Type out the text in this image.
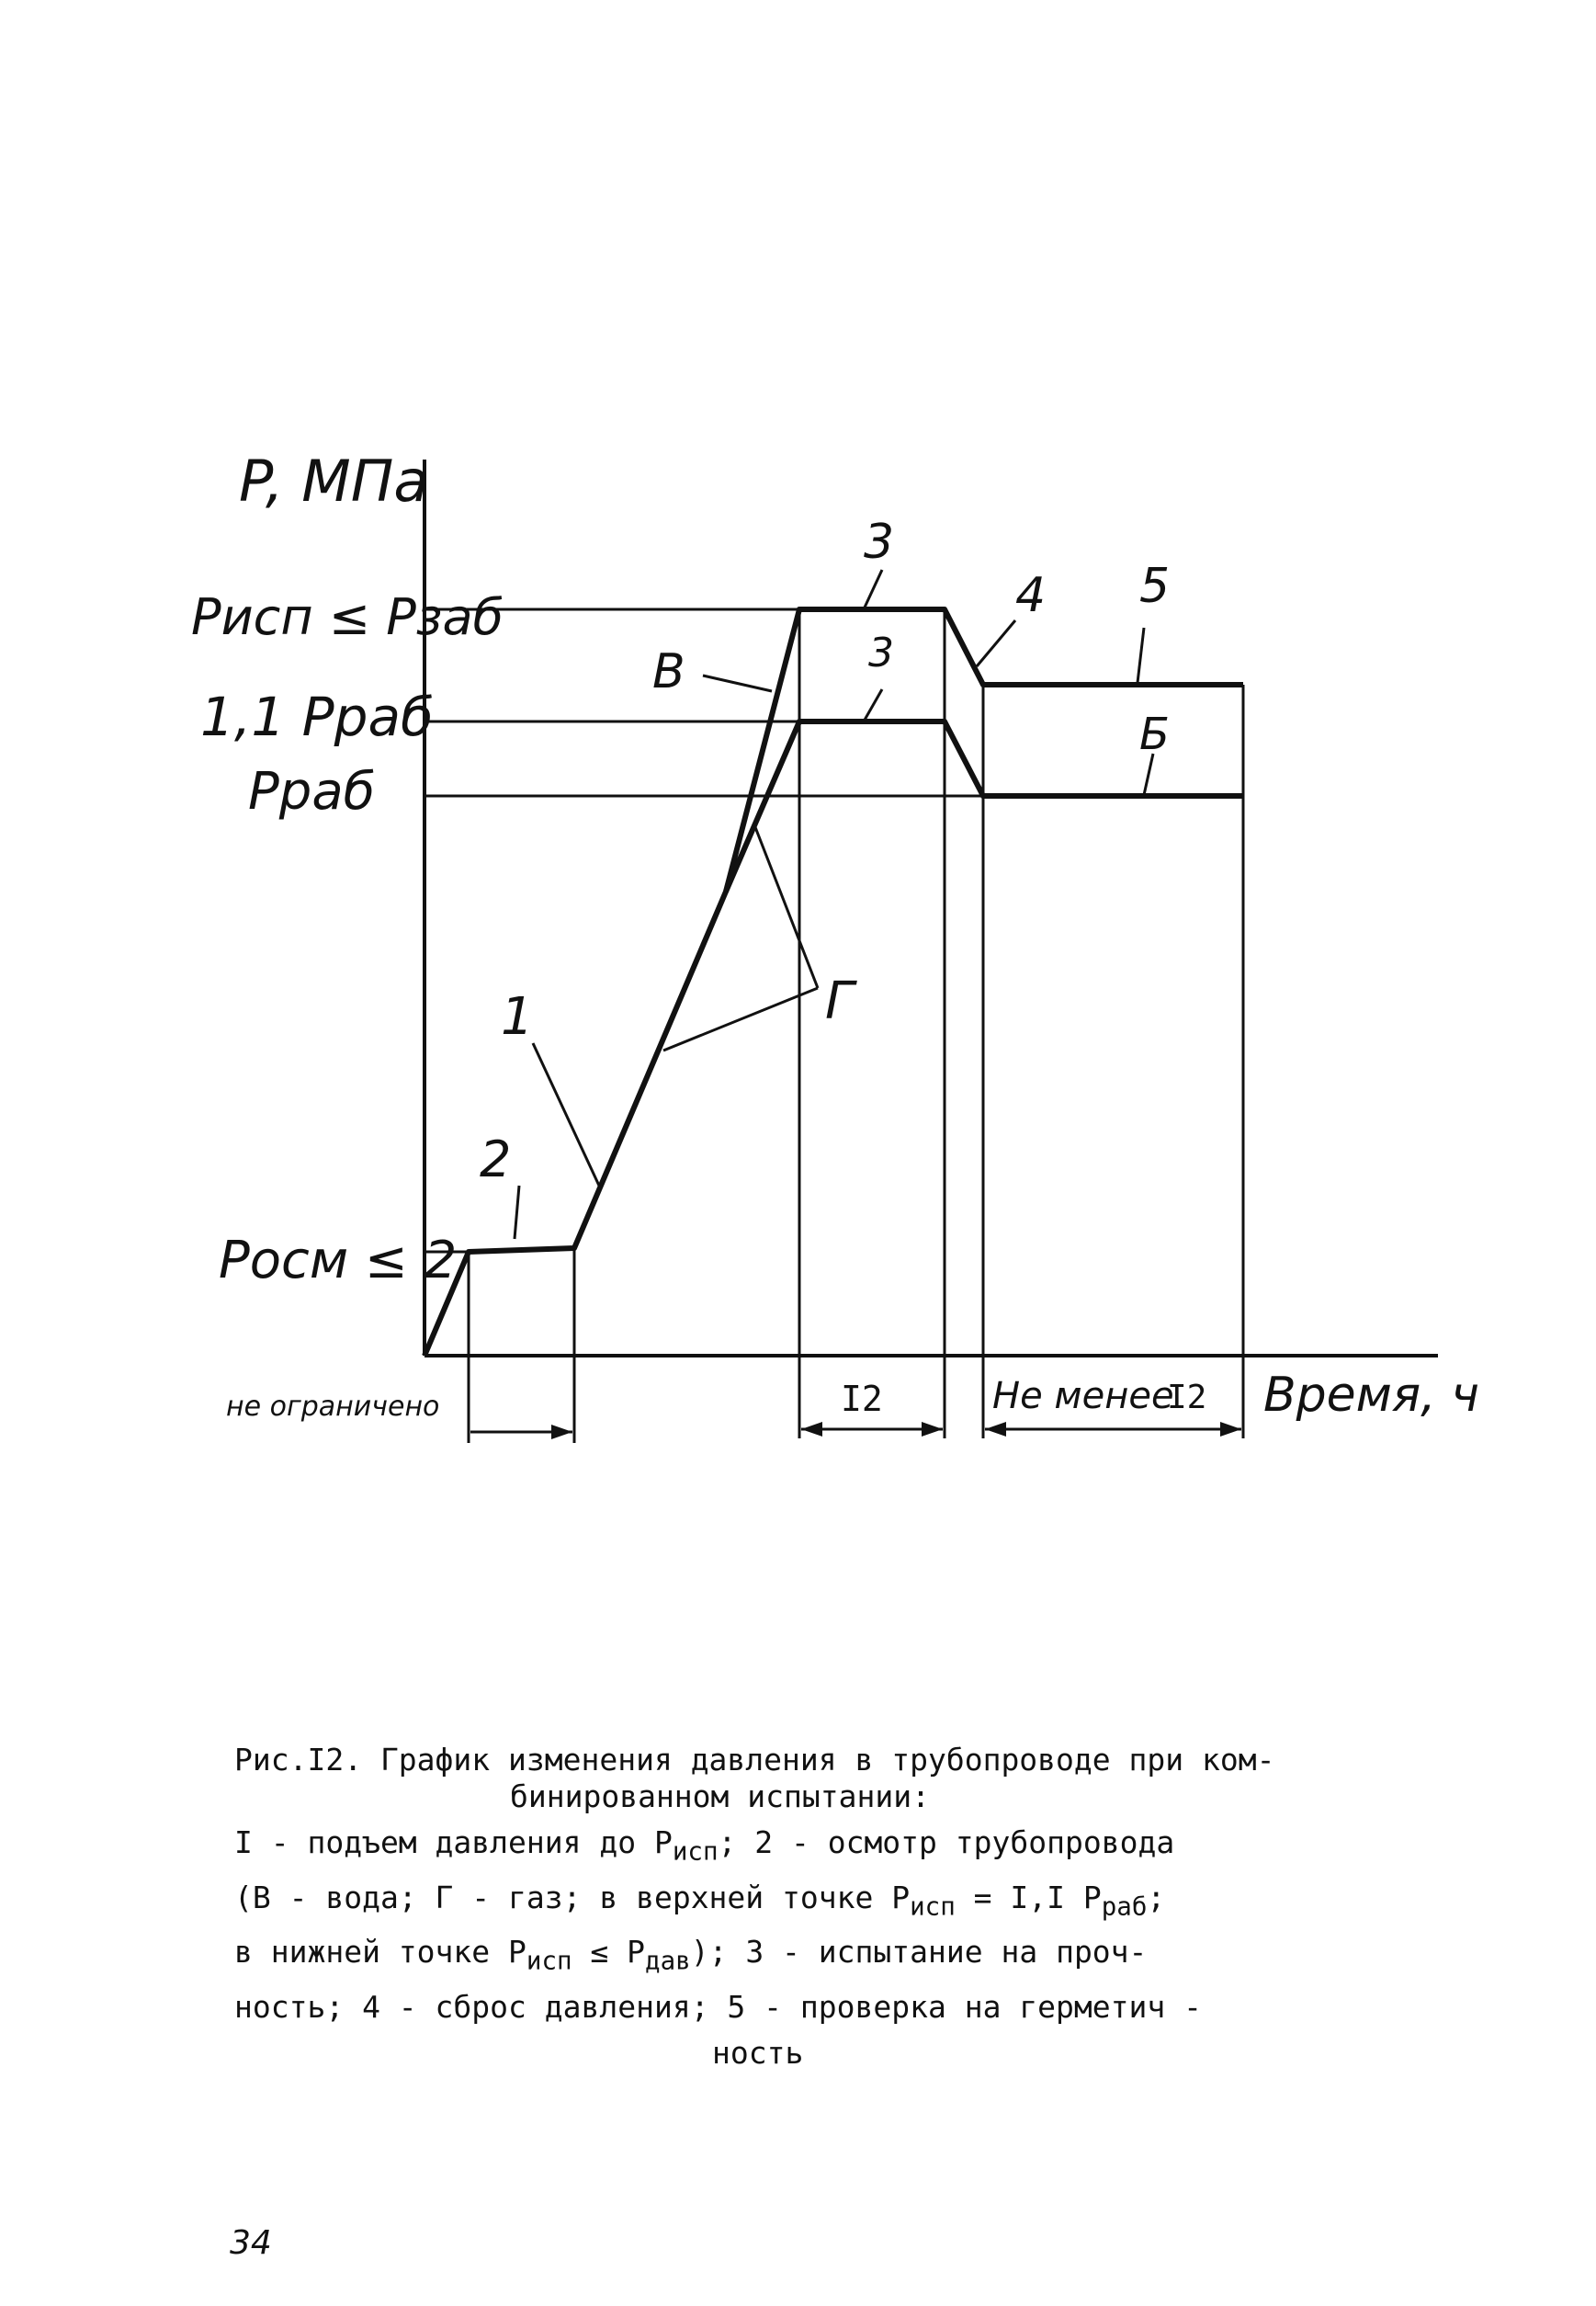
P, МПа
Время, ч
Pисп ≤ Pзаб
1,1 Pраб
Pраб
Pосм ≤ 2
1
2
3
3
4 5
В
Б
Г
не ограничено	I2	Не менее
I2
Рис.I2. График изменения давления в трубопроводе при ком-
бинированном испытании:
I - подъем давления до $P_{исп}$; 2 - осмотр трубопровода
(В - вода; Г - газ; в верхней точке $P_{исп} = I,I$ $P_{раб}$;
в нижней точке $P_{исп} \le P_{дав}$); 3 - испытание на проч-
ность; 4 - сброс давления; 5 - проверка на герметич -
ность
34
